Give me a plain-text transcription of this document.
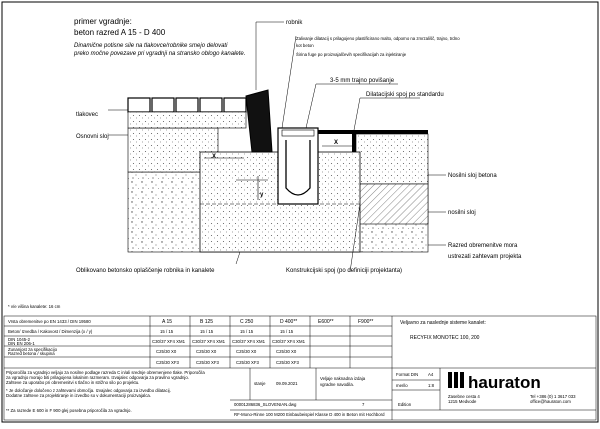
primer vgradnje:
beton razred A 15 - D 400
Dinamične potisne sile na tlakovce/robnike smejo delovati
preko močne povezave pri vgradnji na stransko oblogo kanalete.
X
X
y
robnik
Zalivanje dilatacij s prilagojeno plastificirano malto, odporno na zmrzališč, trajno, trdno
kot beton
Širina fuge po proizvajalčevih specifikacijah za injektiranje
3-5 mm trajno povišanje
Dilatacijski spoj po standardu
tlakovec
Osnovni sloj
Nosilni sloj betona
nosilni sloj
Razred obremenitve mora
ustrezati zahtevam projekta
Oblikovano betonsko oplaščenje robnika in kanalete	Konstrukcijski spoj (po definiciji projektanta)
* v/e višina kanalete: 16 cm
Vrsta obremenitve po EN 1433 / DIN 19580	A 15	B 125	C 250	D 400**	E600**	F900**
Beton/ Izvedba / Kakovost / Dimenzija (x / y)	15 / 15	15 / 15	15 / 15	15 / 15
DIN 1045-2
DIN EN 206-1	C30/37 XF4 XM1 C30/37 XF4 XM1 C30/37 XF4 XM1 C30/37 XF4 XM1
Zunanjost za specifikacijo
Razred betona / skupina	C25/30 X0	C25/30 X0	C25/30 X0	C25/30 X0
C25/30 XF3	C25/30 XF3	C25/30 XF3	C25/30 XF3
Priporočila za vgradnjo veljajo za nosilne podlage razreda C in/ali srednje obremenjene tlake. Priporočila
za vgradnjo morajo biti prilagojena lokalnim razmeram. Izvajalec odgovarja za pravilno vgradnjo.
Zahteve za uporabo pri obremenitvi s tlačno in strižno silo po projektu.
* Je določanje določeno z zahtevami območja. Izvajalec odgovarja za izvedbo dilatacij.
Dodatne zahteve za projektiranje in izvedbo so v dokumentaciji proizvajalca.
** Za razrede E 600 in F 900 glej posebna priporočila za vgradnjo.
Veljavno za naslednje sisteme kanalet:
RECYFIX MONOTEC 100, 200
stanje 09.09.2021
Veljaje naknadna izdaja
vgradne navodila.
00001286836_SLOVENIAN.dwg	7	Edition
Format DIN A4
merilo	1:8
RF-Mono-Rinne 100 M200 Einbaubeispiel Klasse D 400 in Beton mit Hochbord
hauraton
Zasebne cesta 4
1215 Medvode
Tel +386 (0) 1 3617 033
office@hauraton.com
